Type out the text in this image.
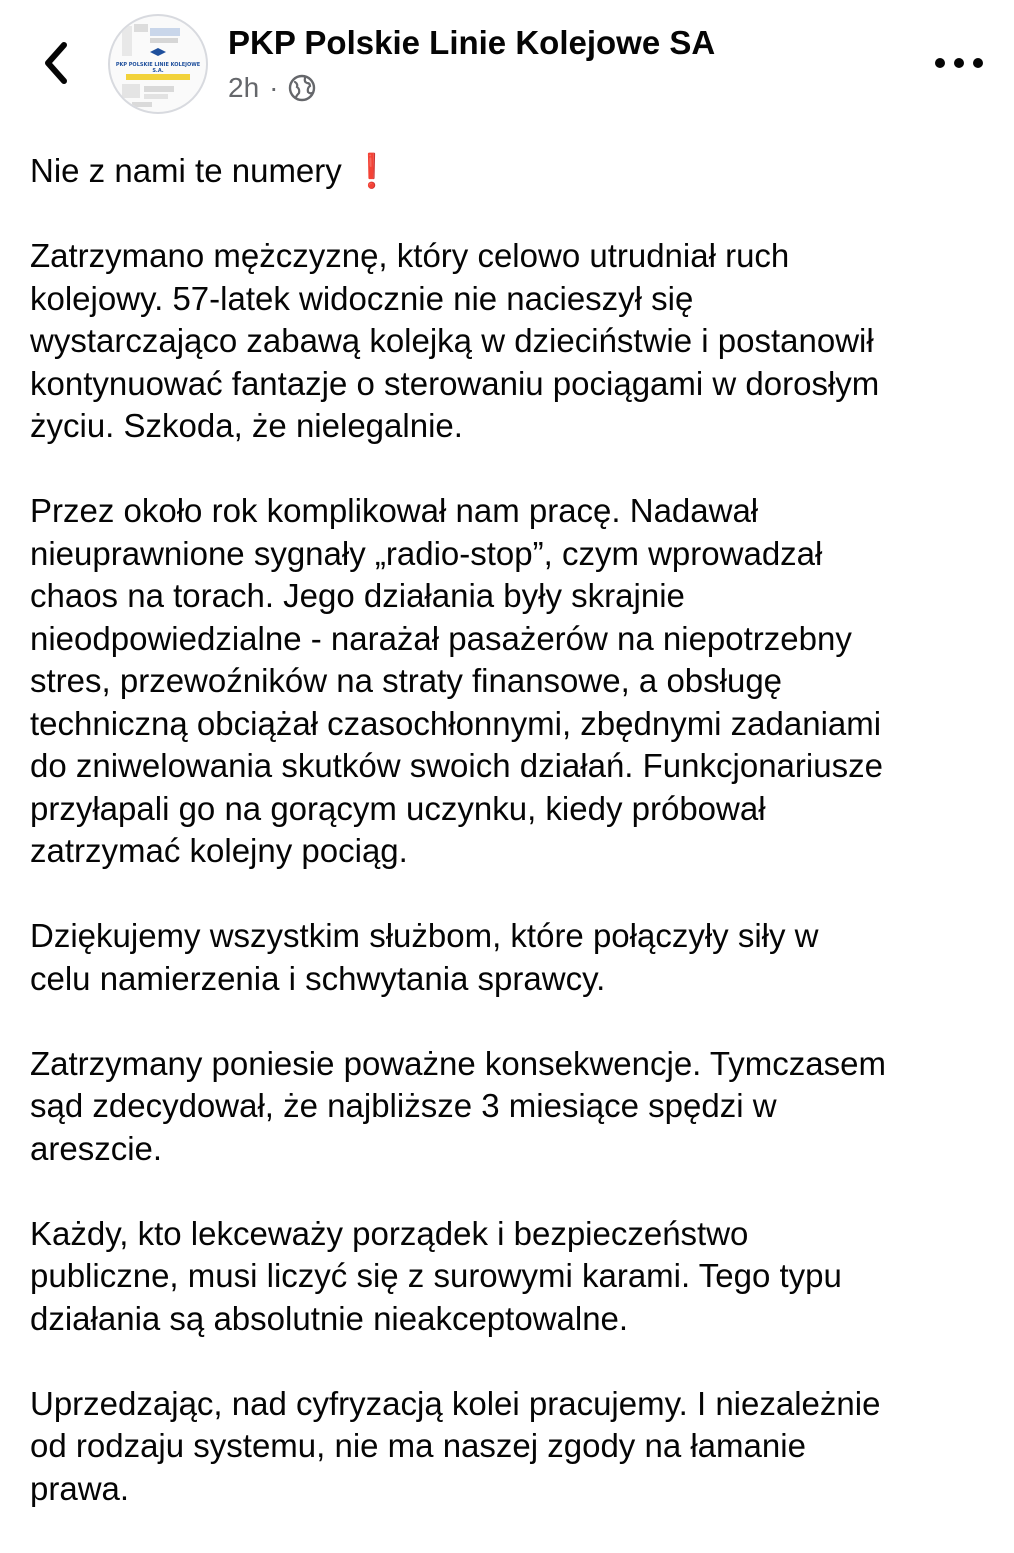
PKP POLSKIE LINIE KOLEJOWE S.A.
PKP Polskie Linie Kolejowe SA
2h ·

Nie z nami te numery ❗

Zatrzymano mężczyznę, który celowo utrudniał ruch
kolejowy. 57-latek widocznie nie nacieszył się
wystarczająco zabawą kolejką w dzieciństwie i postanowił
kontynuować fantazje o sterowaniu pociągami w dorosłym
życiu. Szkoda, że nielegalnie.

Przez około rok komplikował nam pracę. Nadawał
nieuprawnione sygnały „radio-stop”, czym wprowadzał
chaos na torach. Jego działania były skrajnie
nieodpowiedzialne - narażał pasażerów na niepotrzebny
stres, przewoźników na straty finansowe, a obsługę
techniczną obciążał czasochłonnymi, zbędnymi zadaniami
do zniwelowania skutków swoich działań. Funkcjonariusze
przyłapali go na gorącym uczynku, kiedy próbował
zatrzymać kolejny pociąg.

Dziękujemy wszystkim służbom, które połączyły siły w
celu namierzenia i schwytania sprawcy.

Zatrzymany poniesie poważne konsekwencje. Tymczasem
sąd zdecydował, że najbliższe 3 miesiące spędzi w
areszcie.

Każdy, kto lekceważy porządek i bezpieczeństwo
publiczne, musi liczyć się z surowymi karami. Tego typu
działania są absolutnie nieakceptowalne.

Uprzedzając, nad cyfryzacją kolei pracujemy. I niezależnie
od rodzaju systemu, nie ma naszej zgody na łamanie
prawa.
